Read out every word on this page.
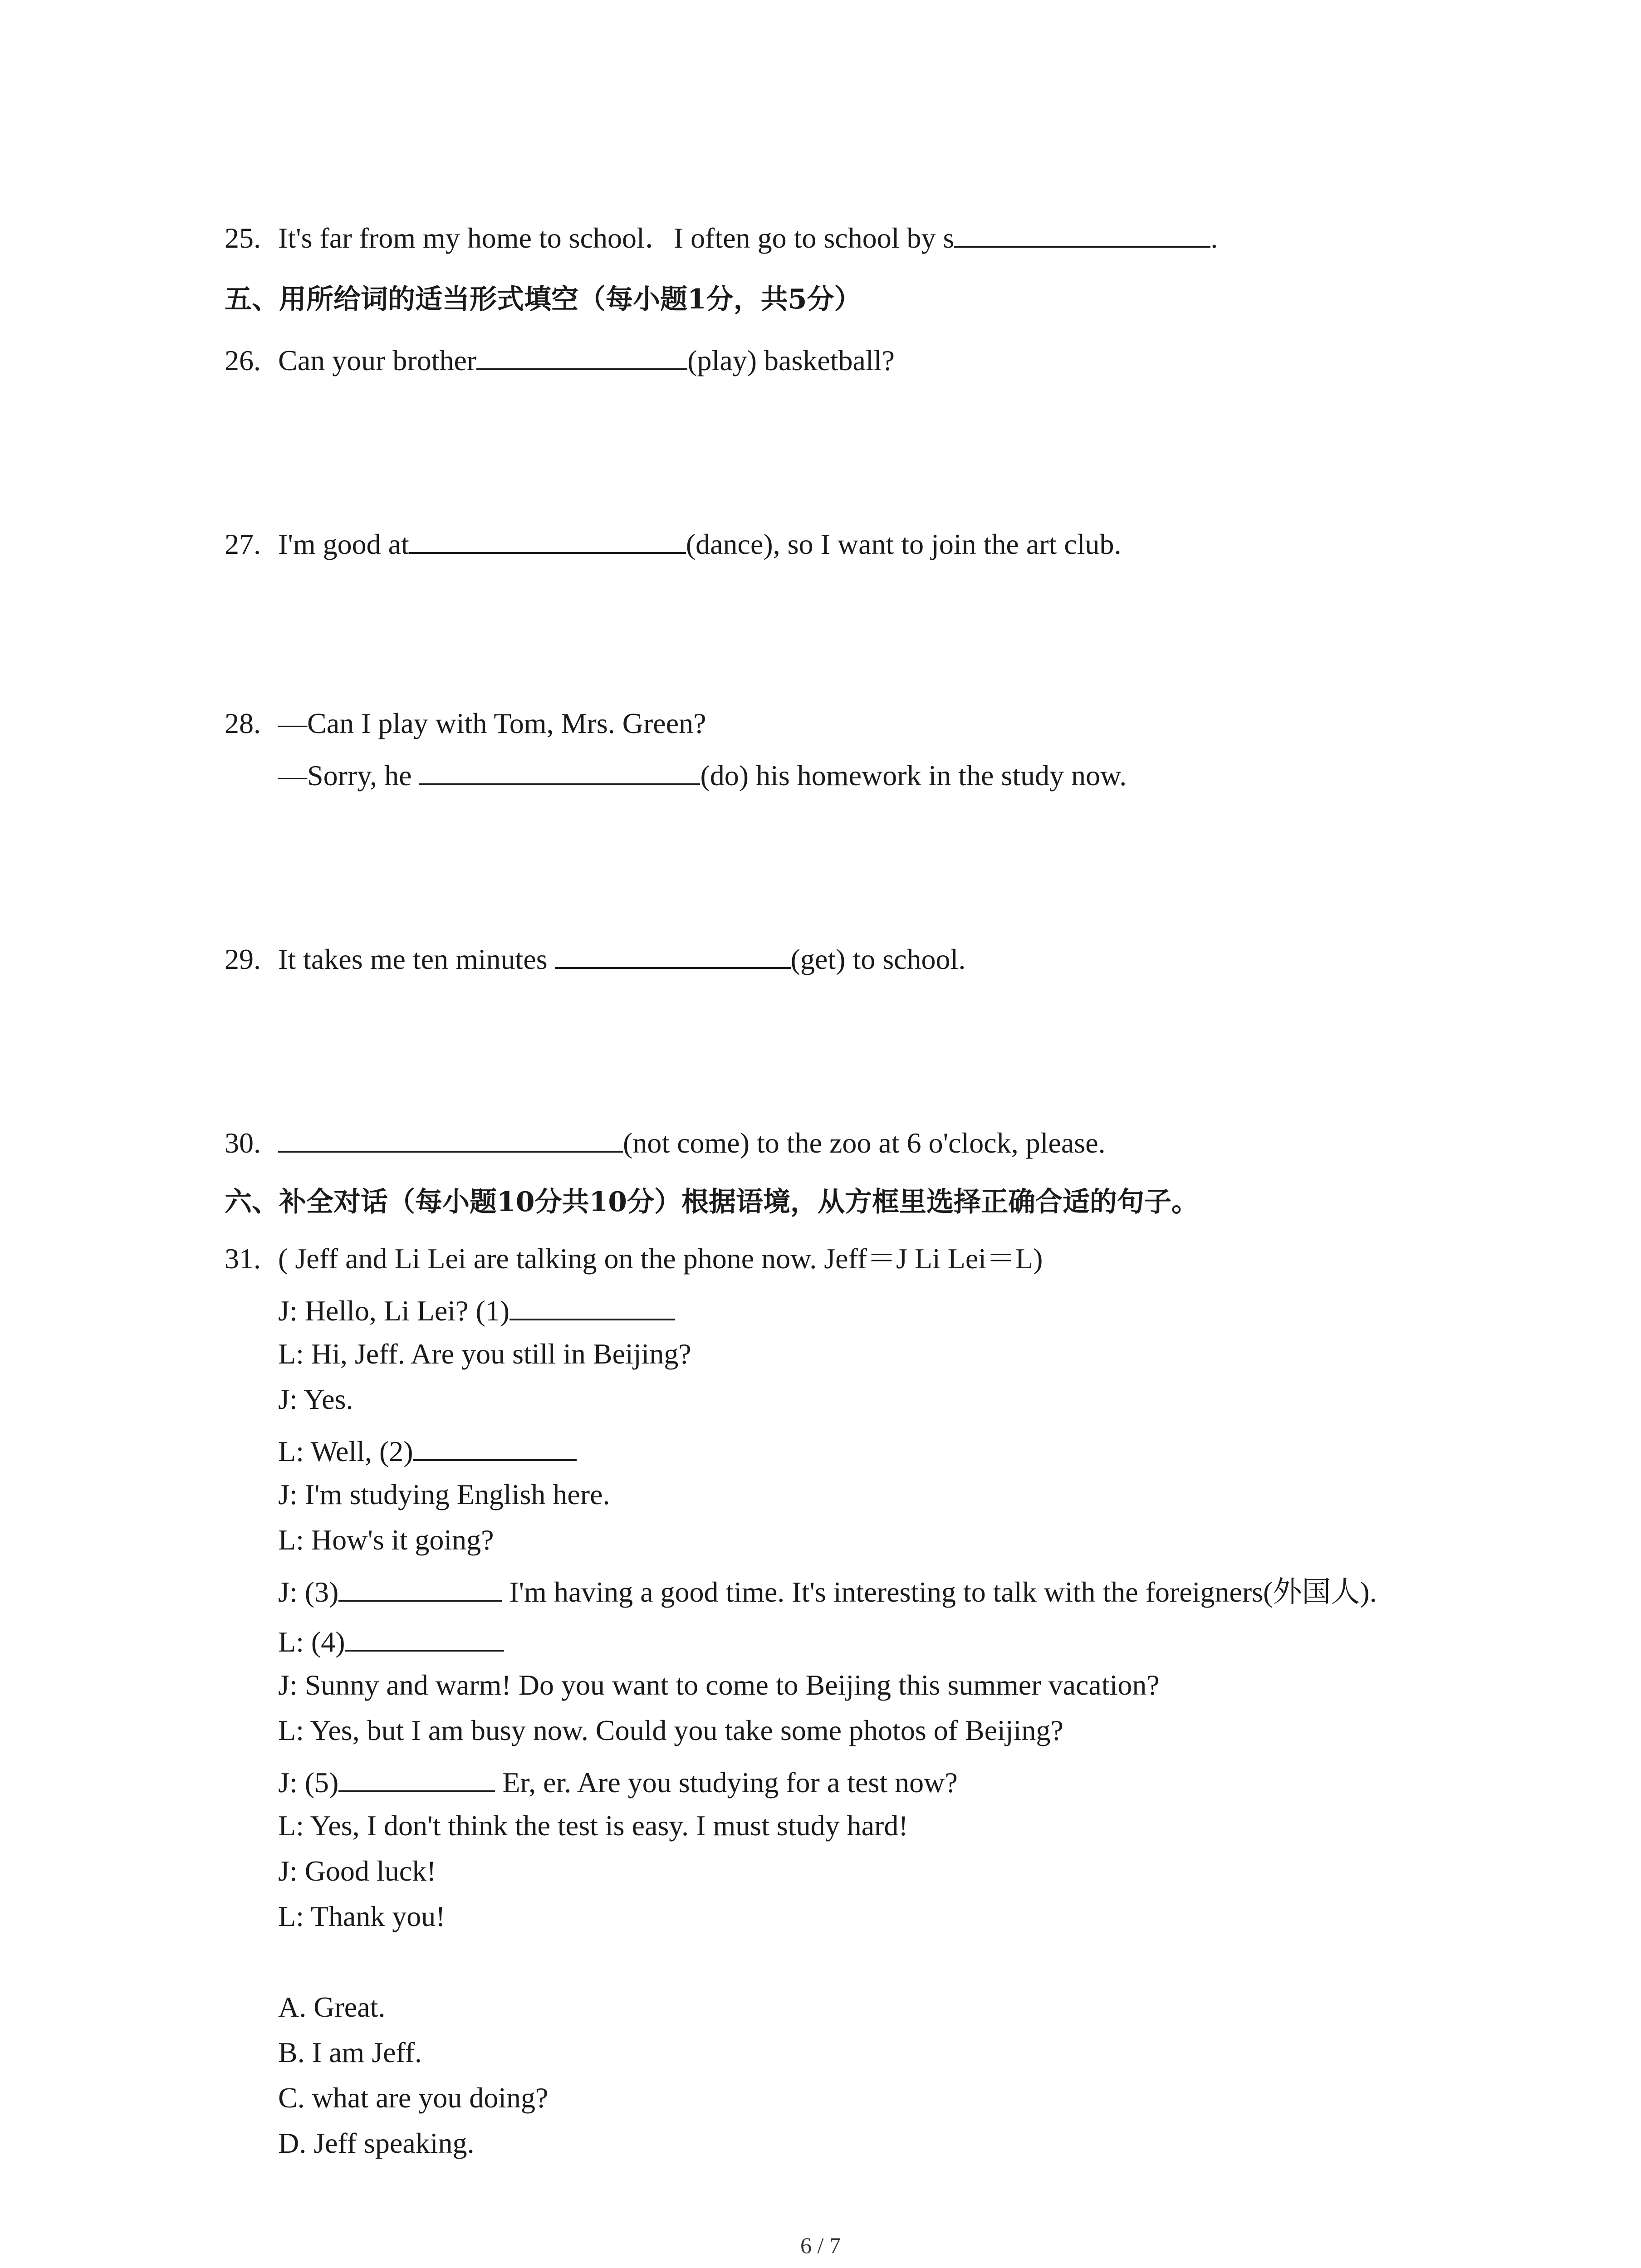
25. It's far from my home to school．I often go to school by s	.
五、用所给词的适当形式填空（每小题1分，共5分）
26. Can your brother	(play) basketball?
27. I'm good at	(dance), so I want to join the art club.
28. —Can I play with Tom, Mrs. Green?
—Sorry, he	(do) his homework in the study now.
29. It takes me ten minutes	(get) to school.
30.	(not come) to the zoo at 6 o'clock, please.
六、补全对话（每小题10分共10分）根据语境，从方框里选择正确合适的句子。
31. ( Jeff and Li Lei are talking on the phone now. Jeff＝J Li Lei＝L)
J: Hello, Li Lei? (1)
L: Hi, Jeff. Are you still in Beijing?
J: Yes.
L: Well, (2)
J: I'm studying English here.
L: How's it going?
J: (3)	I'm having a good time. It's interesting to talk with the foreigners(外国人).
L: (4)
J: Sunny and warm! Do you want to come to Beijing this summer vacation?
L: Yes, but I am busy now. Could you take some photos of Beijing?
J: (5)	Er, er. Are you studying for a test now?
L: Yes, I don't think the test is easy. I must study hard!
J: Good luck!
L: Thank you!
A. Great.
B. I am Jeff.
C. what are you doing?
D. Jeff speaking.
6 / 7
